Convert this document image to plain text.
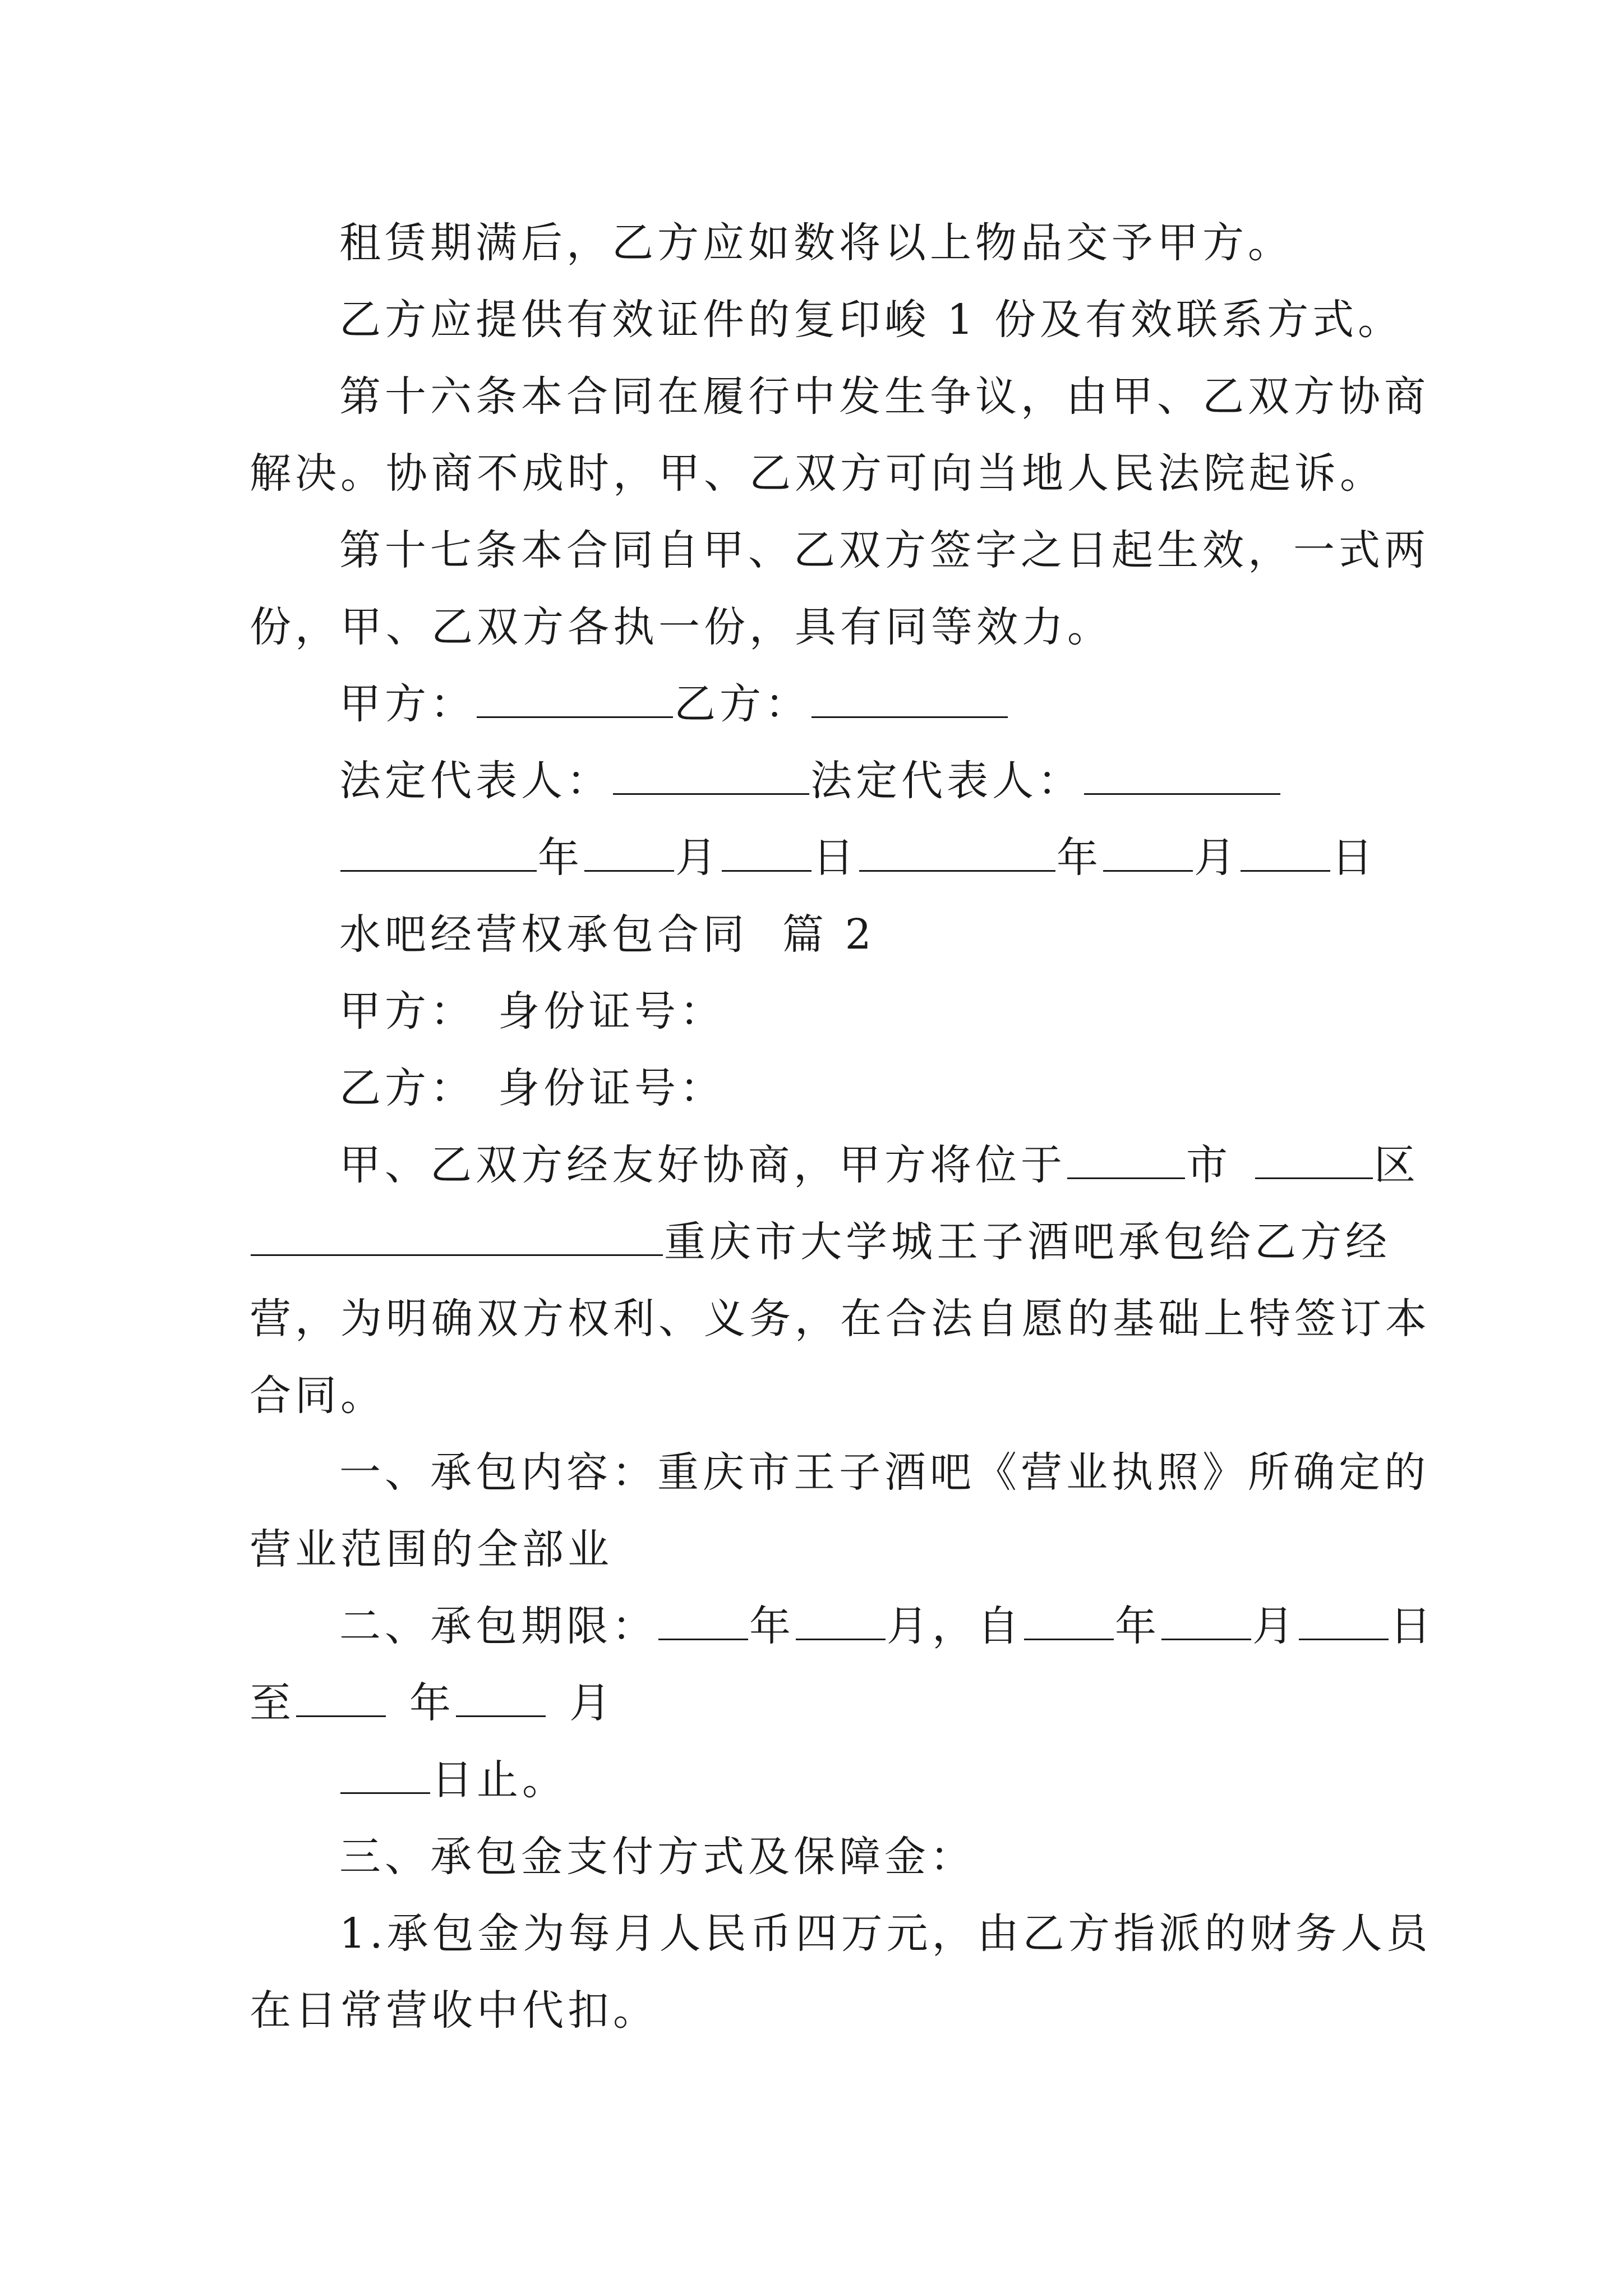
租赁期满后，乙方应如数将以上物品交予甲方。
乙方应提供有效证件的复印峻 1 份及有效联系方式。
第十六条本合同在履行中发生争议，由甲、乙双方协商
解决。协商不成时，甲、乙双方可向当地人民法院起诉。
第十七条本合同自甲、乙双方签字之日起生效，一式两
份，甲、乙双方各执一份，具有同等效力。
甲方：	乙方：
法定代表人：	法定代表人：
年 月 日	年 月 日
水吧经营权承包合同  篇 2
甲方： 身份证号：
乙方： 身份证号：
甲、乙双方经友好协商，甲方将位于	市	区
重庆市大学城王子酒吧承包给乙方经
营，为明确双方权利、义务，在合法自愿的基础上特签订本
合同。
一、承包内容：重庆市王子酒吧《营业执照》所确定的
营业范围的全部业
二、承包期限： 年 月，自 年 月 日
至	年	月
日止。
三、承包金支付方式及保障金：
1.承包金为每月人民币四万元，由乙方指派的财务人员
在日常营收中代扣。
